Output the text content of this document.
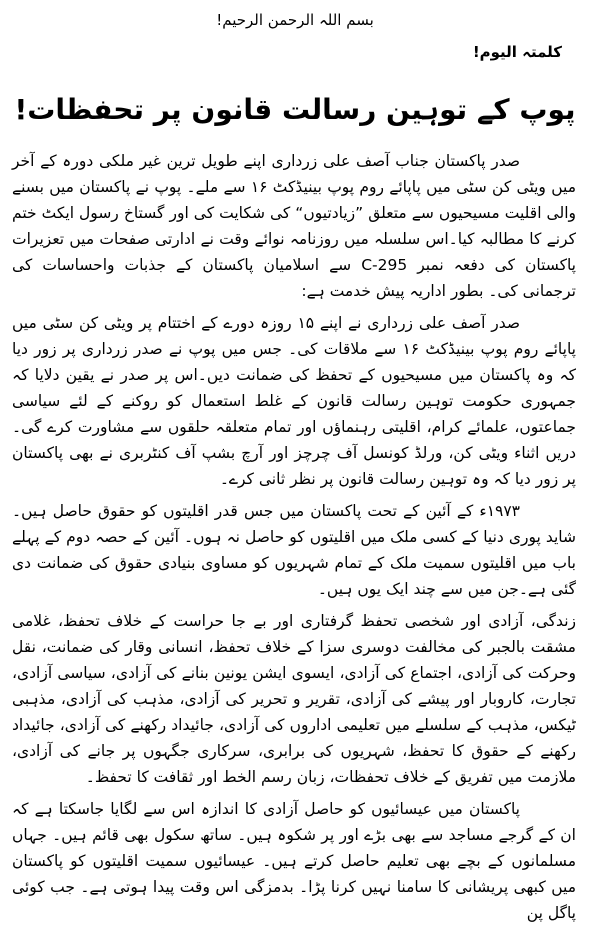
بسم اللہ الرحمن الرحیم!
کلمتہ الیوم!
پوپ کے توہین رسالت قانون پر تحفظات!

صدر پاکستان جناب آصف علی زرداری اپنے طویل ترین غیر ملکی دورہ کے آخر میں ویٹی کن سٹی میں پاپائے روم پوپ بینیڈکٹ ۱۶ سے ملے۔ پوپ نے پاکستان میں بسنے والی اقلیت مسیحیوں سے متعلق ”زیادتیوں“ کی شکایت کی اور گستاخ رسول ایکٹ ختم کرنے کا مطالبہ کیا۔اس سلسلہ میں روزنامہ نوائے وقت نے ادارتی صفحات میں تعزیرات پاکستان کی دفعہ نمبر 295-C سے اسلامیان پاکستان کے جذبات واحساسات کی ترجمانی کی۔ بطور اداریہ پیش خدمت ہے:

صدر آصف علی زرداری نے اپنے ۱۵ روزہ دورے کے اختتام پر ویٹی کن سٹی میں پاپائے روم پوپ بینیڈکٹ ۱۶ سے ملاقات کی۔ جس میں پوپ نے صدر زرداری پر زور دیا کہ وہ پاکستان میں مسیحیوں کے تحفظ کی ضمانت دیں۔اس پر صدر نے یقین دلایا کہ جمہوری حکومت توہین رسالت قانون کے غلط استعمال کو روکنے کے لئے سیاسی جماعتوں، علمائے کرام، اقلیتی رہنماؤں اور تمام متعلقہ حلقوں سے مشاورت کرے گی۔ دریں اثناء ویٹی کن، ورلڈ کونسل آف چرچز اور آرچ بشپ آف کنٹربری نے بھی پاکستان پر زور دیا کہ وہ توہین رسالت قانون پر نظر ثانی کرے۔

۱۹۷۳ء کے آئین کے تحت پاکستان میں جس قدر اقلیتوں کو حقوق حاصل ہیں۔ شاید پوری دنیا کے کسی ملک میں اقلیتوں کو حاصل نہ ہوں۔ آئین کے حصہ دوم کے پہلے باب میں اقلیتوں سمیت ملک کے تمام شہریوں کو مساوی بنیادی حقوق کی ضمانت دی گئی ہے۔جن میں سے چند ایک یوں ہیں۔

زندگی، آزادی اور شخصی تحفظ گرفتاری اور بے جا حراست کے خلاف تحفظ، غلامی مشقت بالجبر کی مخالفت دوسری سزا کے خلاف تحفظ، انسانی وقار کی ضمانت، نقل وحرکت کی آزادی، اجتماع کی آزادی، ایسوی ایشن یونین بنانے کی آزادی، سیاسی آزادی، تجارت، کاروبار اور پیشے کی آزادی، تقریر و تحریر کی آزادی، مذہب کی آزادی، مذہبی ٹیکس، مذہب کے سلسلے میں تعلیمی اداروں کی آزادی، جائیداد رکھنے کی آزادی، جائیداد رکھنے کے حقوق کا تحفظ، شہریوں کی برابری، سرکاری جگہوں پر جانے کی آزادی، ملازمت میں تفریق کے خلاف تحفظات، زبان رسم الخط اور ثقافت کا تحفظ۔

پاکستان میں عیسائیوں کو حاصل آزادی کا اندازہ اس سے لگایا جاسکتا ہے کہ ان کے گرجے مساجد سے بھی بڑے اور پر شکوہ ہیں۔ ساتھ سکول بھی قائم ہیں۔ جہاں مسلمانوں کے بچے بھی تعلیم حاصل کرتے ہیں۔ عیسائیوں سمیت اقلیتوں کو پاکستان میں کبھی پریشانی کا سامنا نہیں کرنا پڑا۔ بدمزگی اس وقت پیدا ہوتی ہے۔ جب کوئی پاگل پن
